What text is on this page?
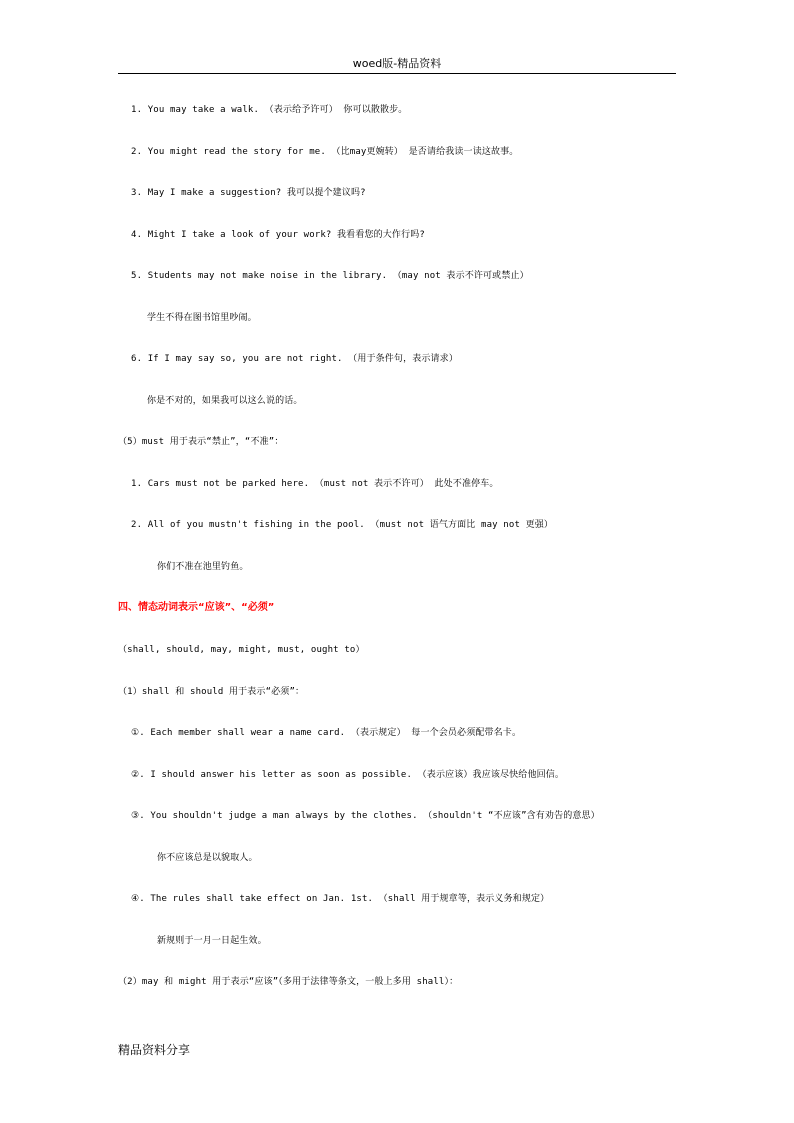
woed版-精品资料
1. You may take a walk. （表示给予许可） 你可以散散步。
2. You might read the story for me. （比may更婉转） 是否请给我读一读这故事。
3. May I make a suggestion? 我可以提个建议吗?
4. Might I take a look of your work? 我看看您的大作行吗?
5. Students may not make noise in the library. （may not 表示不许可或禁止）
学生不得在图书馆里吵闹。
6. If I may say so, you are not right. （用于条件句，表示请求）
你是不对的，如果我可以这么说的话。
（5）must 用于表示“禁止”，“不准”：
1. Cars must not be parked here. （must not 表示不许可） 此处不准停车。
2. All of you mustn't fishing in the pool. （must not 语气方面比 may not 更强）
你们不准在池里钓鱼。
四、情态动词表示“应该”、“必须”
（shall, should, may, might, must, ought to）
（1）shall 和 should 用于表示“必须”：
①. Each member shall wear a name card. （表示规定） 每一个会员必须配带名卡。
②. I should answer his letter as soon as possible. （表示应该）我应该尽快给他回信。
③. You shouldn't judge a man always by the clothes. （shouldn't “不应该”含有劝告的意思）
你不应该总是以貌取人。
④. The rules shall take effect on Jan. 1st. （shall 用于规章等，表示义务和规定）
新规则于一月一日起生效。
（2）may 和 might 用于表示“应该”（多用于法律等条文，一般上多用 shall）：
精品资料分享
